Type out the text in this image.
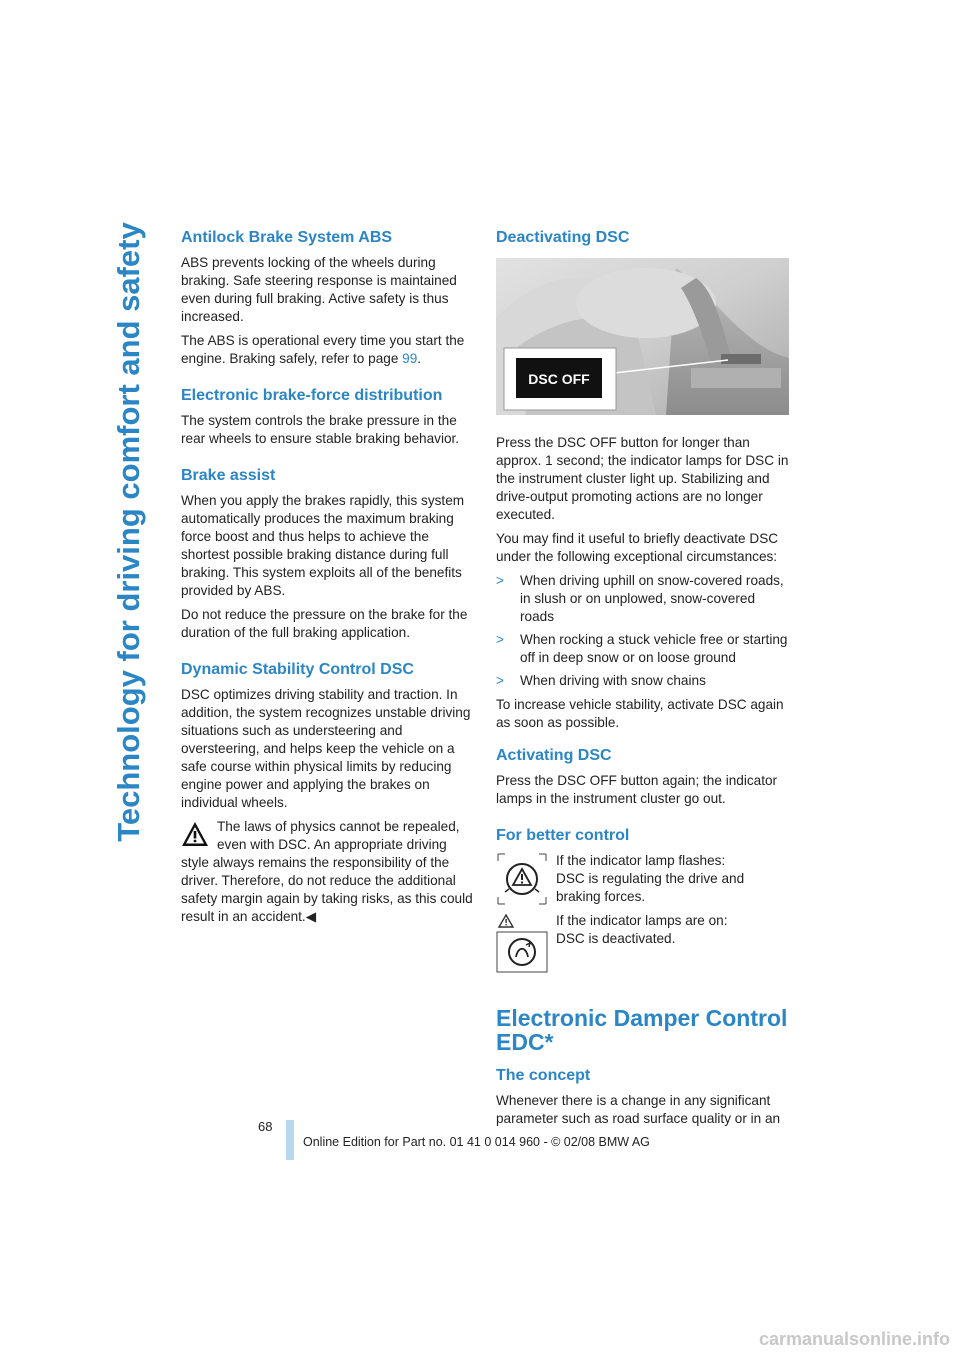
Technology for driving comfort and safety Antilock Brake System ABS

ABS prevents locking of the wheels during braking. Safe steering response is maintained even during full braking. Active safety is thus increased.

The ABS is operational every time you start the engine. Braking safely, refer to page 99.

Electronic brake-force distribution

The system controls the brake pressure in the rear wheels to ensure stable braking behavior.

Brake assist

When you apply the brakes rapidly, this system automatically produces the maximum braking force boost and thus helps to achieve the shortest possible braking distance during full braking. This system exploits all of the benefits provided by ABS.

Do not reduce the pressure on the brake for the duration of the full braking application.

Dynamic Stability Control DSC

DSC optimizes driving stability and traction. In addition, the system recognizes unstable driving situations such as understeering and oversteering, and helps keep the vehicle on a safe course within physical limits by reducing engine power and applying the brakes on individual wheels.

The laws of physics cannot be repealed, even with DSC. An appropriate driving style always remains the responsibility of the driver. Therefore, do not reduce the additional safety margin again by taking risks, as this could result in an accident.◀

Deactivating DSC
DSC OFF

Press the DSC OFF button for longer than approx. 1 second; the indicator lamps for DSC in the instrument cluster light up. Stabilizing and drive-output promoting actions are no longer executed.

You may find it useful to briefly deactivate DSC under the following exceptional circumstances:

> When driving uphill on snow-covered roads, in slush or on unplowed, snow-covered roads
> When rocking a stuck vehicle free or starting off in deep snow or on loose ground
> When driving with snow chains

To increase vehicle stability, activate DSC again as soon as possible.

Activating DSC

Press the DSC OFF button again; the indicator lamps in the instrument cluster go out.

For better control

If the indicator lamp flashes:

DSC is regulating the drive and braking forces.

If the indicator lamps are on:

DSC is deactivated.

Electronic Damper Control EDC*
The concept

Whenever there is a change in any significant parameter such as road surface quality or in an

68
Online Edition for Part no. 01 41 0 014 960 - © 02/08 BMW AG
carmanualsonline.info
